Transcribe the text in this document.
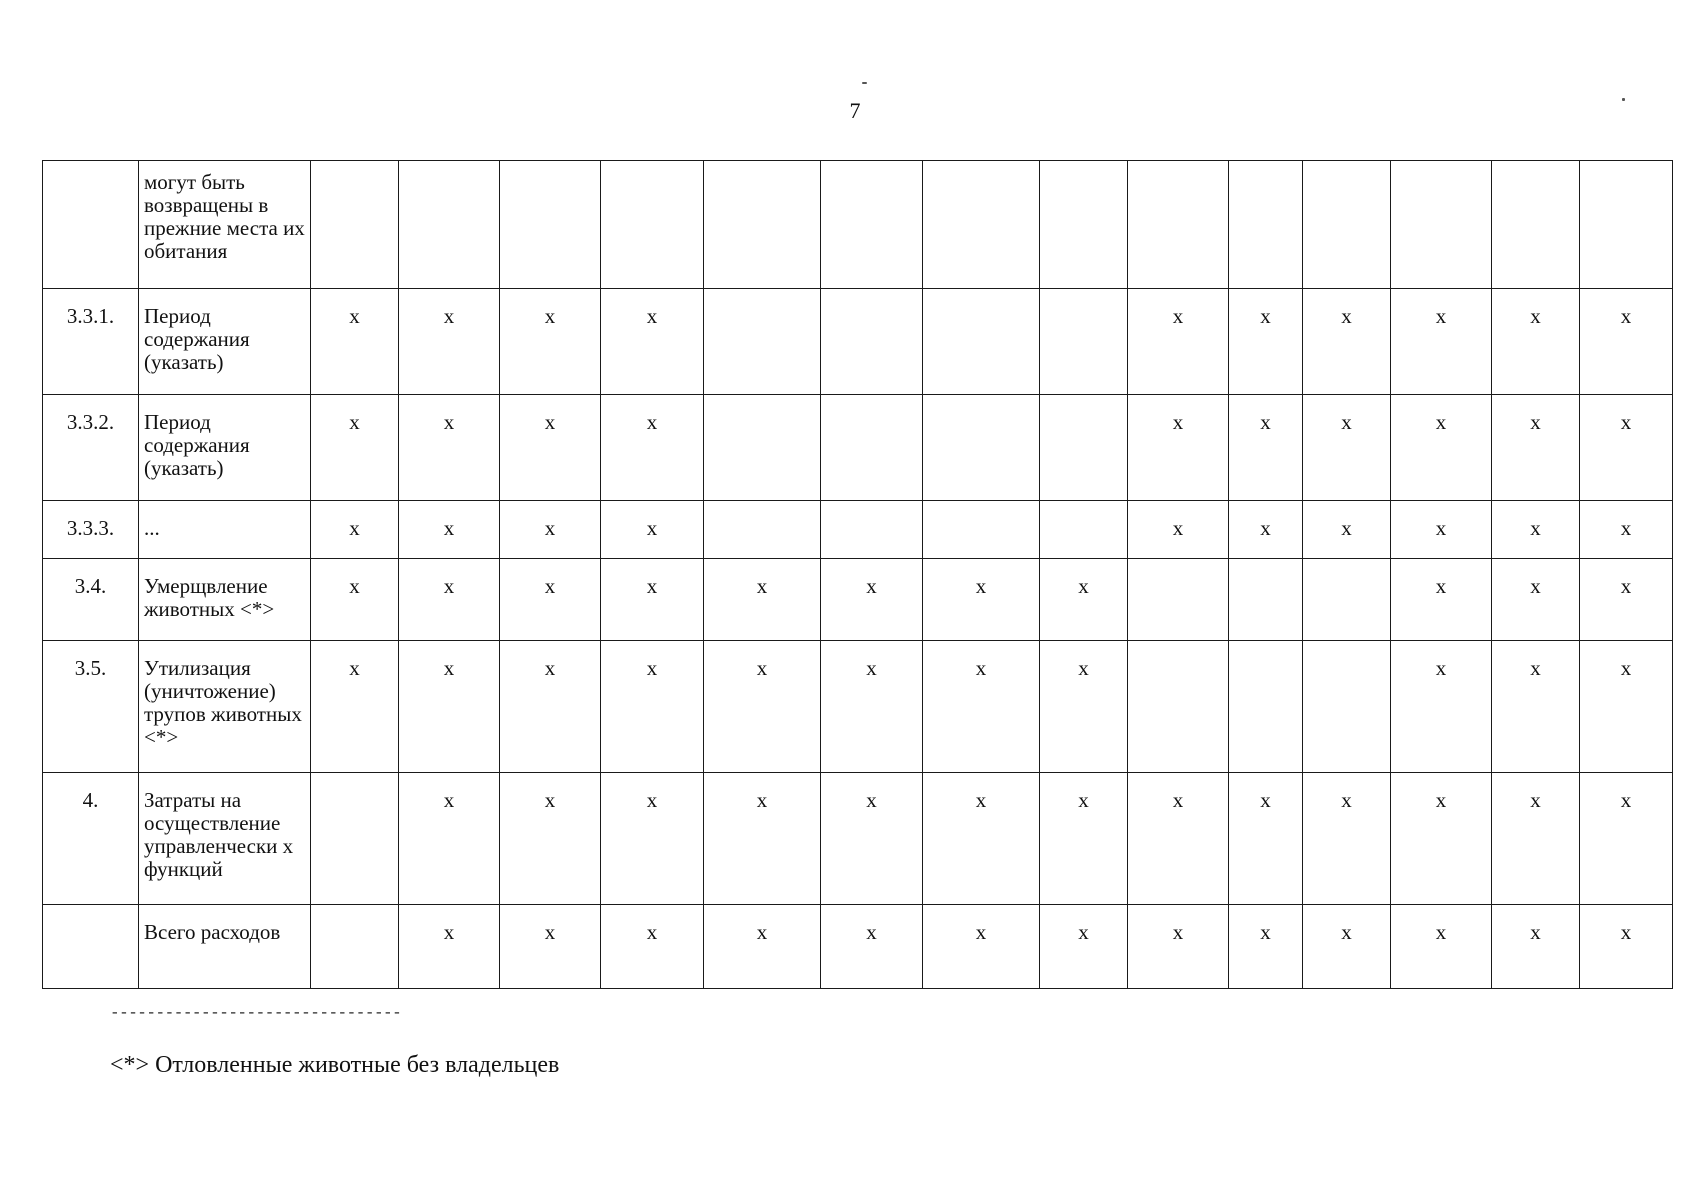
7
	могут быть возвращены в прежние места их обитания														
3.3.1.	Период содержания (указать)	x	x	x	x					x	x	x	x	x	x
3.3.2.	Период содержания (указать)	x	x	x	x					x	x	x	x	x	x
3.3.3.	...	x	x	x	x					x	x	x	x	x	x
3.4.	Умерщвление животных <*>	x	x	x	x	x	x	x	x				x	x	x
3.5.	Утилизация (уничтожение) трупов животных <*>	x	x	x	x	x	x	x	x				x	x	x
4.	Затраты на осуществление управленчески х функций		x	x	x	x	x	x	x	x	x	x	x	x	x
	Всего расходов		x	x	x	x	x	x	x	x	x	x	x	x	x
--------------------------------
<*> Отловленные животные без владельцев
